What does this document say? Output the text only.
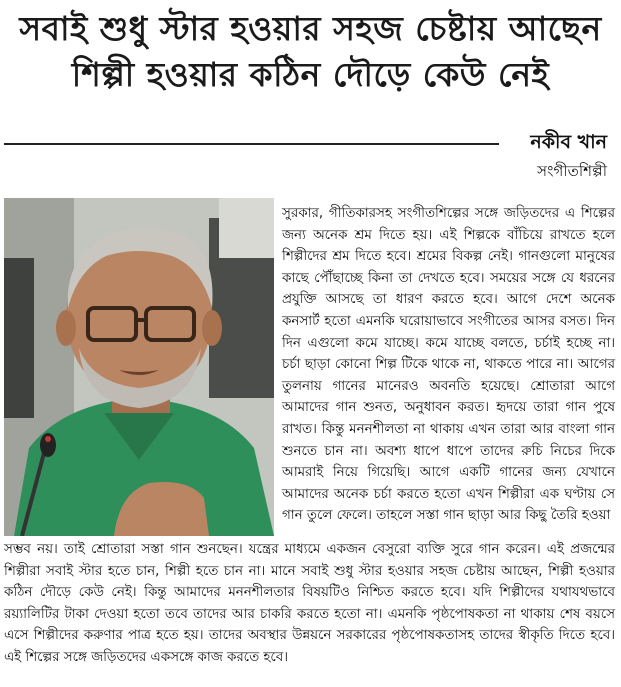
সবাই শুধু স্টার হওয়ার সহজ চেষ্টায় আছেন
শিল্পী হওয়ার কঠিন দৌড়ে কেউ নেই
নকীব খান
সংগীতশিল্পী

সুরকার, গীতিকারসহ সংগীতশিল্পের সঙ্গে জড়িতদের এ শিল্পের জন্য অনেক শ্রম দিতে হয়। এই শিল্পকে বাঁচিয়ে রাখতে হলে শিল্পীদের শ্রম দিতে হবে। শ্রমের বিকল্প নেই। গানগুলো মানুষের কাছে পৌঁছাচ্ছে কিনা তা দেখতে হবে। সময়ের সঙ্গে যে ধরনের প্রযুক্তি আসছে তা ধারণ করতে হবে। আগে দেশে অনেক কনসার্ট হতো এমনকি ঘরোয়াভাবে সংগীতের আসর বসত। দিন দিন এগুলো কমে যাচ্ছে। কমে যাচ্ছে বলতে, চর্চাই হচ্ছে না। চর্চা ছাড়া কোনো শিল্প টিকে থাকে না, থাকতে পারে না। আগের তুলনায় গানের মানেরও অবনতি হয়েছে। শ্রোতারা আগে আমাদের গান শুনত, অনুধাবন করত। হৃদয়ে তারা গান পুষে রাখত। কিন্তু মননশীলতা না থাকায় এখন তারা আর বাংলা গান শুনতে চান না। অবশ্য ধাপে ধাপে তাদের রুচি নিচের দিকে আমরাই নিয়ে গিয়েছি। আগে একটি গানের জন্য যেখানে আমাদের অনেক চর্চা করতে হতো এখন শিল্পীরা এক ঘণ্টায় সে গান তুলে ফেলে। তাহলে সস্তা গান ছাড়া আর কিছু তৈরি হওয়া

সম্ভব নয়। তাই শ্রোতারা সস্তা গান শুনছেন। যন্ত্রের মাধ্যমে একজন বেসুরো ব্যক্তি সুরে গান করেন। এই প্রজন্মের শিল্পীরা সবাই স্টার হতে চান, শিল্পী হতে চান না। মানে সবাই শুধু স্টার হওয়ার সহজ চেষ্টায় আছেন, শিল্পী হওয়ার কঠিন দৌড়ে কেউ নেই। কিন্তু আমাদের মননশীলতার বিষয়টিও নিশ্চিত করতে হবে। যদি শিল্পীদের যথাযথভাবে রয়্যালিটির টাকা দেওয়া হতো তবে তাদের আর চাকরি করতে হতো না। এমনকি পৃষ্ঠপোষকতা না থাকায় শেষ বয়সে এসে শিল্পীদের করুণার পাত্র হতে হয়। তাদের অবস্থার উন্নয়নে সরকারের পৃষ্ঠপোষকতাসহ তাদের স্বীকৃতি দিতে হবে। এই শিল্পের সঙ্গে জড়িতদের একসঙ্গে কাজ করতে হবে।
